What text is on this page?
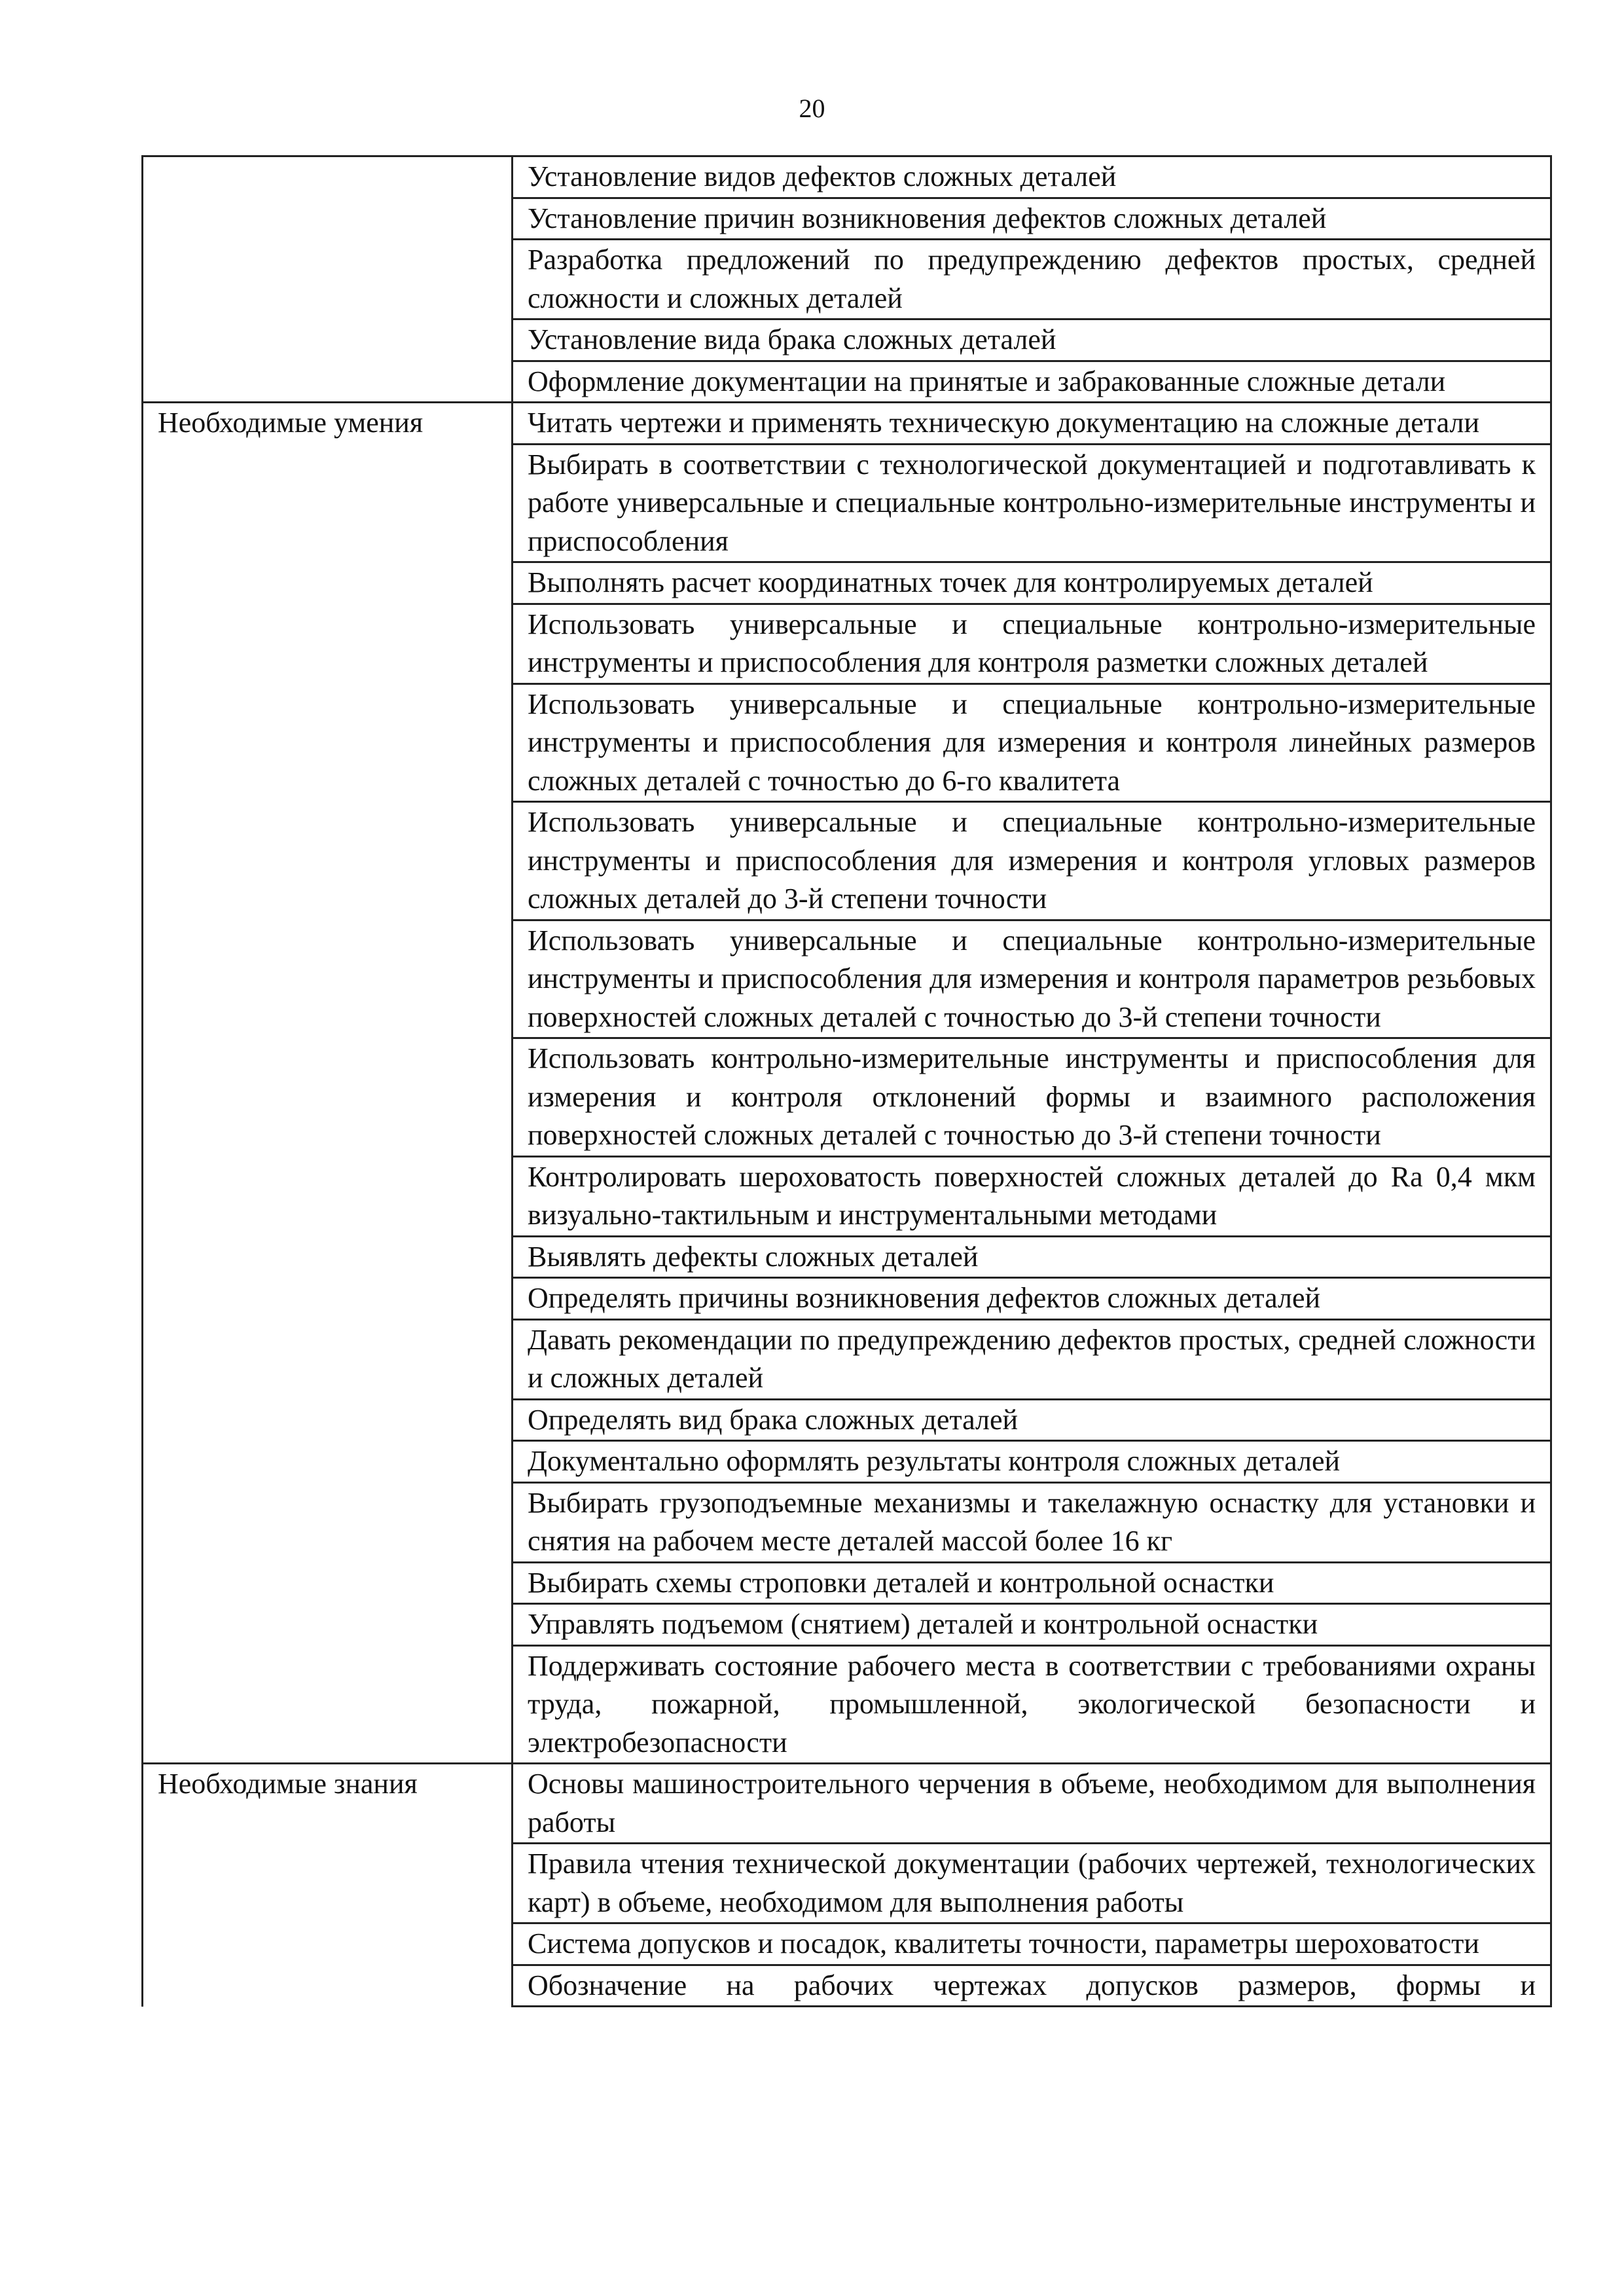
20
	Установление видов дефектов сложных деталей
	Установление причин возникновения дефектов сложных деталей
	Разработка предложений по предупреждению дефектов простых, средней сложности и сложных деталей
	Установление вида брака сложных деталей
	Оформление документации на принятые и забракованные сложные детали
Необходимые умения	Читать чертежи и применять техническую документацию на сложные детали
	Выбирать в соответствии с технологической документацией и подготавливать к работе универсальные и специальные контрольно-измерительные инструменты и приспособления
	Выполнять расчет координатных точек для контролируемых деталей
	Использовать универсальные и специальные контрольно-измерительные инструменты и приспособления для контроля разметки сложных деталей
	Использовать универсальные и специальные контрольно-измерительные инструменты и приспособления для измерения и контроля линейных размеров сложных деталей с точностью до 6-го квалитета
	Использовать универсальные и специальные контрольно-измерительные инструменты и приспособления для измерения и контроля угловых размеров сложных деталей до 3-й степени точности
	Использовать универсальные и специальные контрольно-измерительные инструменты и приспособления для измерения и контроля параметров резьбовых поверхностей сложных деталей с точностью до 3-й степени точности
	Использовать контрольно-измерительные инструменты и приспособления для измерения и контроля отклонений формы и взаимного расположения поверхностей сложных деталей с точностью до 3-й степени точности
	Контролировать шероховатость поверхностей сложных деталей до Ra 0,4 мкм визуально-тактильным и инструментальными методами
	Выявлять дефекты сложных деталей
	Определять причины возникновения дефектов сложных деталей
	Давать рекомендации по предупреждению дефектов простых, средней сложности и сложных деталей
	Определять вид брака сложных деталей
	Документально оформлять результаты контроля сложных деталей
	Выбирать грузоподъемные механизмы и такелажную оснастку для установки и снятия на рабочем месте деталей массой более 16 кг
	Выбирать схемы строповки деталей и контрольной оснастки
	Управлять подъемом (снятием) деталей и контрольной оснастки
	Поддерживать состояние рабочего места в соответствии с требованиями охраны труда, пожарной, промышленной, экологической безопасности и электробезопасности
Необходимые знания	Основы машиностроительного черчения в объеме, необходимом для выполнения работы
	Правила чтения технической документации (рабочих чертежей, технологических карт) в объеме, необходимом для выполнения работы
	Система допусков и посадок, квалитеты точности, параметры шероховатости
	Обозначение на рабочих чертежах допусков размеров, формы и
